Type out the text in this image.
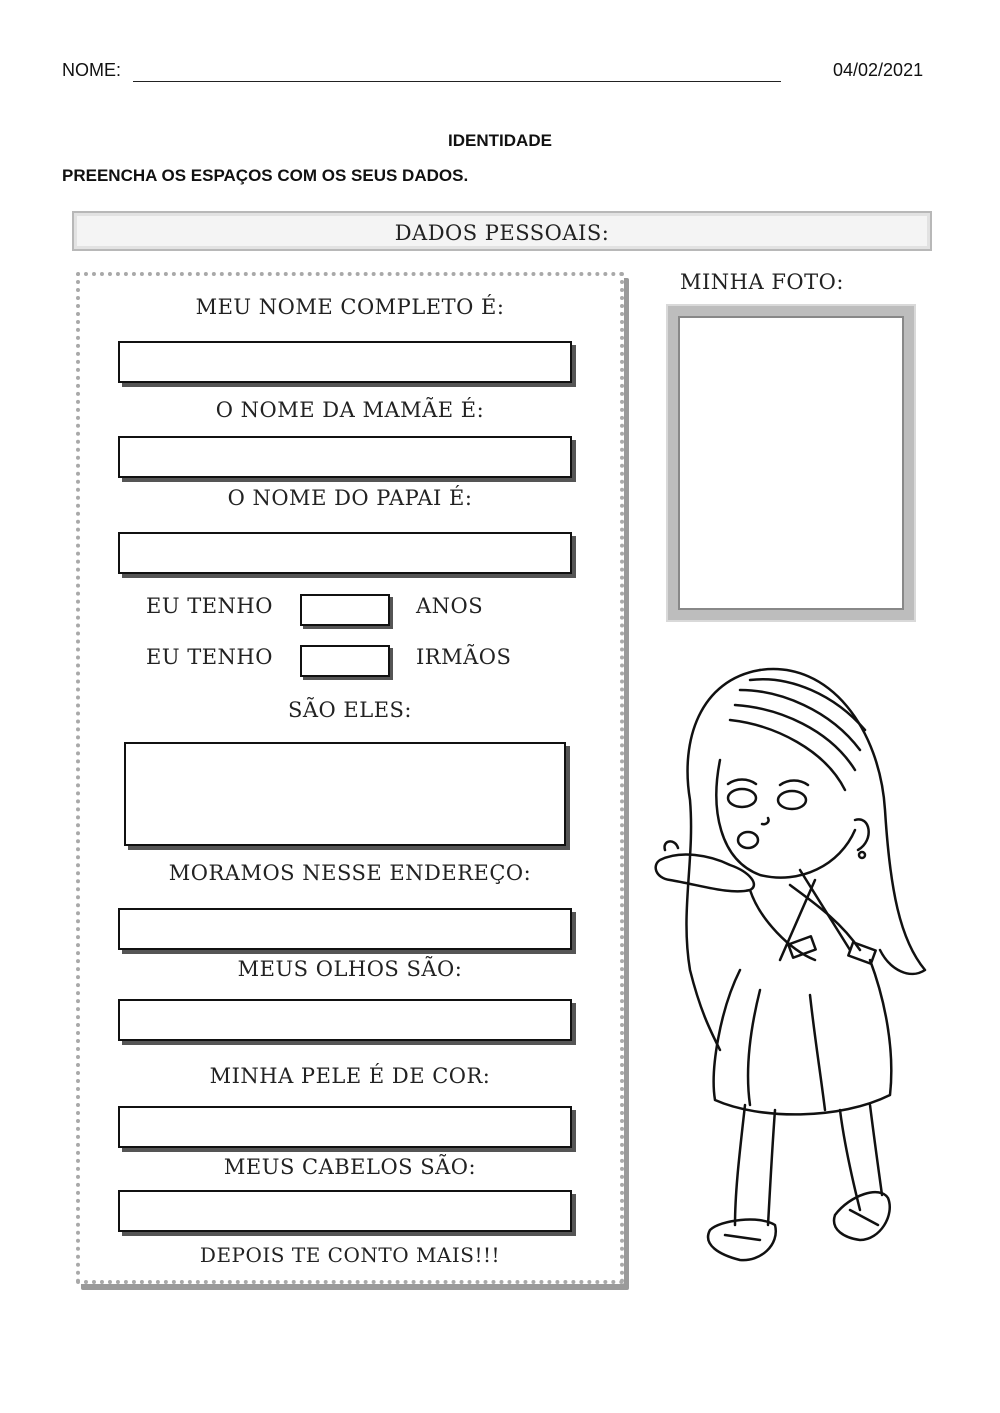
NOME:	04/02/2021
IDENTIDADE
PREENCHA OS ESPAÇOS COM OS SEUS DADOS.
DADOS PESSOAIS:
MEU NOME COMPLETO É:
O NOME DA MAMÃE É:
O NOME DO PAPAI É:
EU TENHO	ANOS
EU TENHO	IRMÃOS
SÃO ELES:
MORAMOS NESSE ENDEREÇO:
MEUS OLHOS SÃO:
MINHA PELE É DE COR:
MEUS CABELOS SÃO:
DEPOIS TE CONTO MAIS!!!
MINHA FOTO:
